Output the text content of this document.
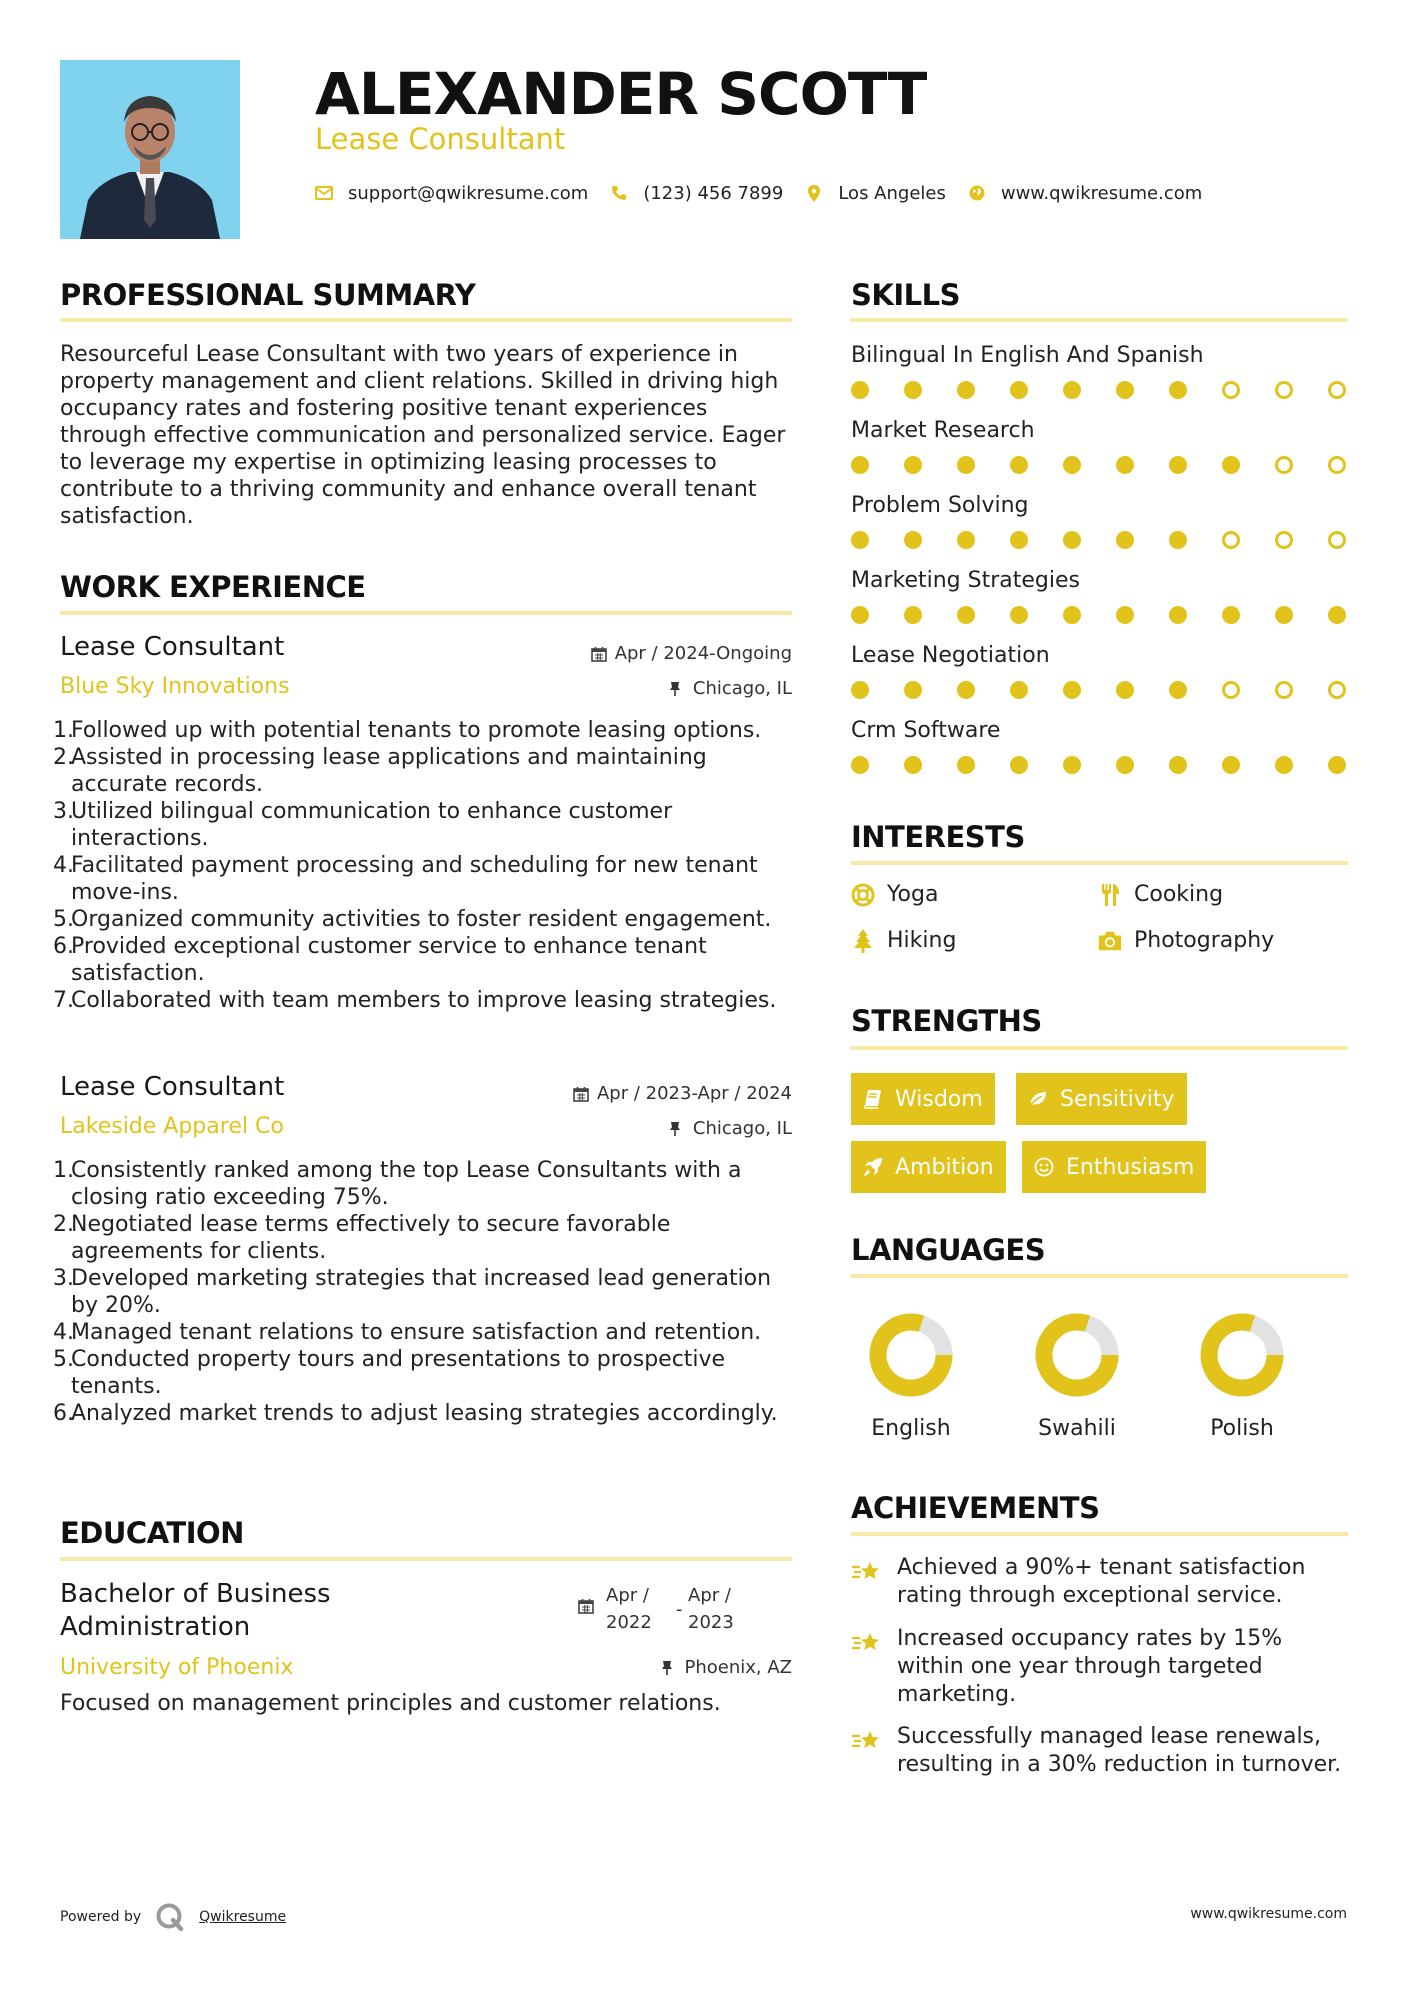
ALEXANDER SCOTT
Lease Consultant
support@qwikresume.com	(123) 456 7899	Los Angeles	www.qwikresume.com
PROFESSIONAL SUMMARY
Resourceful Lease Consultant with two years of experience in property management and client relations. Skilled in driving high occupancy rates and fostering positive tenant experiences through effective communication and personalized service. Eager to leverage my expertise in optimizing leasing processes to contribute to a thriving community and enhance overall tenant satisfaction.
WORK EXPERIENCE
Lease Consultant
Blue Sky Innovations
Apr / 2024-Ongoing
Chicago, IL
1.
Followed up with potential tenants to promote leasing options.
2.
Assisted in processing lease applications and maintaining accurate records.
3.
Utilized bilingual communication to enhance customer interactions.
4.
Facilitated payment processing and scheduling for new tenant move-ins.
5.
Organized community activities to foster resident engagement.
6.
Provided exceptional customer service to enhance tenant satisfaction.
7.
Collaborated with team members to improve leasing strategies.
Lease Consultant
Lakeside Apparel Co
Apr / 2023-Apr / 2024
Chicago, IL
1.
Consistently ranked among the top Lease Consultants with a closing ratio exceeding 75%.
2.
Negotiated lease terms effectively to secure favorable agreements for clients.
3.
Developed marketing strategies that increased lead generation by 20%.
4.
Managed tenant relations to ensure satisfaction and retention.
5.
Conducted property tours and presentations to prospective tenants.
6.
Analyzed market trends to adjust leasing strategies accordingly.
EDUCATION
Bachelor of Business Administration
Apr /
2022
-
Apr /
2023
University of Phoenix	Phoenix, AZ
Focused on management principles and customer relations.
SKILLS
Bilingual In English And Spanish
Market Research
Problem Solving
Marketing Strategies
Lease Negotiation
Crm Software
INTERESTS
Yoga	Cooking
Hiking	Photography
STRENGTHS
Wisdom	Sensitivity
Ambition	Enthusiasm
LANGUAGES
English	Swahili	Polish
ACHIEVEMENTS
Achieved a 90%+ tenant satisfaction rating through exceptional service.
Increased occupancy rates by 15% within one year through targeted marketing.
Successfully managed lease renewals, resulting in a 30% reduction in turnover.
Powered by	Qwikresume	www.qwikresume.com
